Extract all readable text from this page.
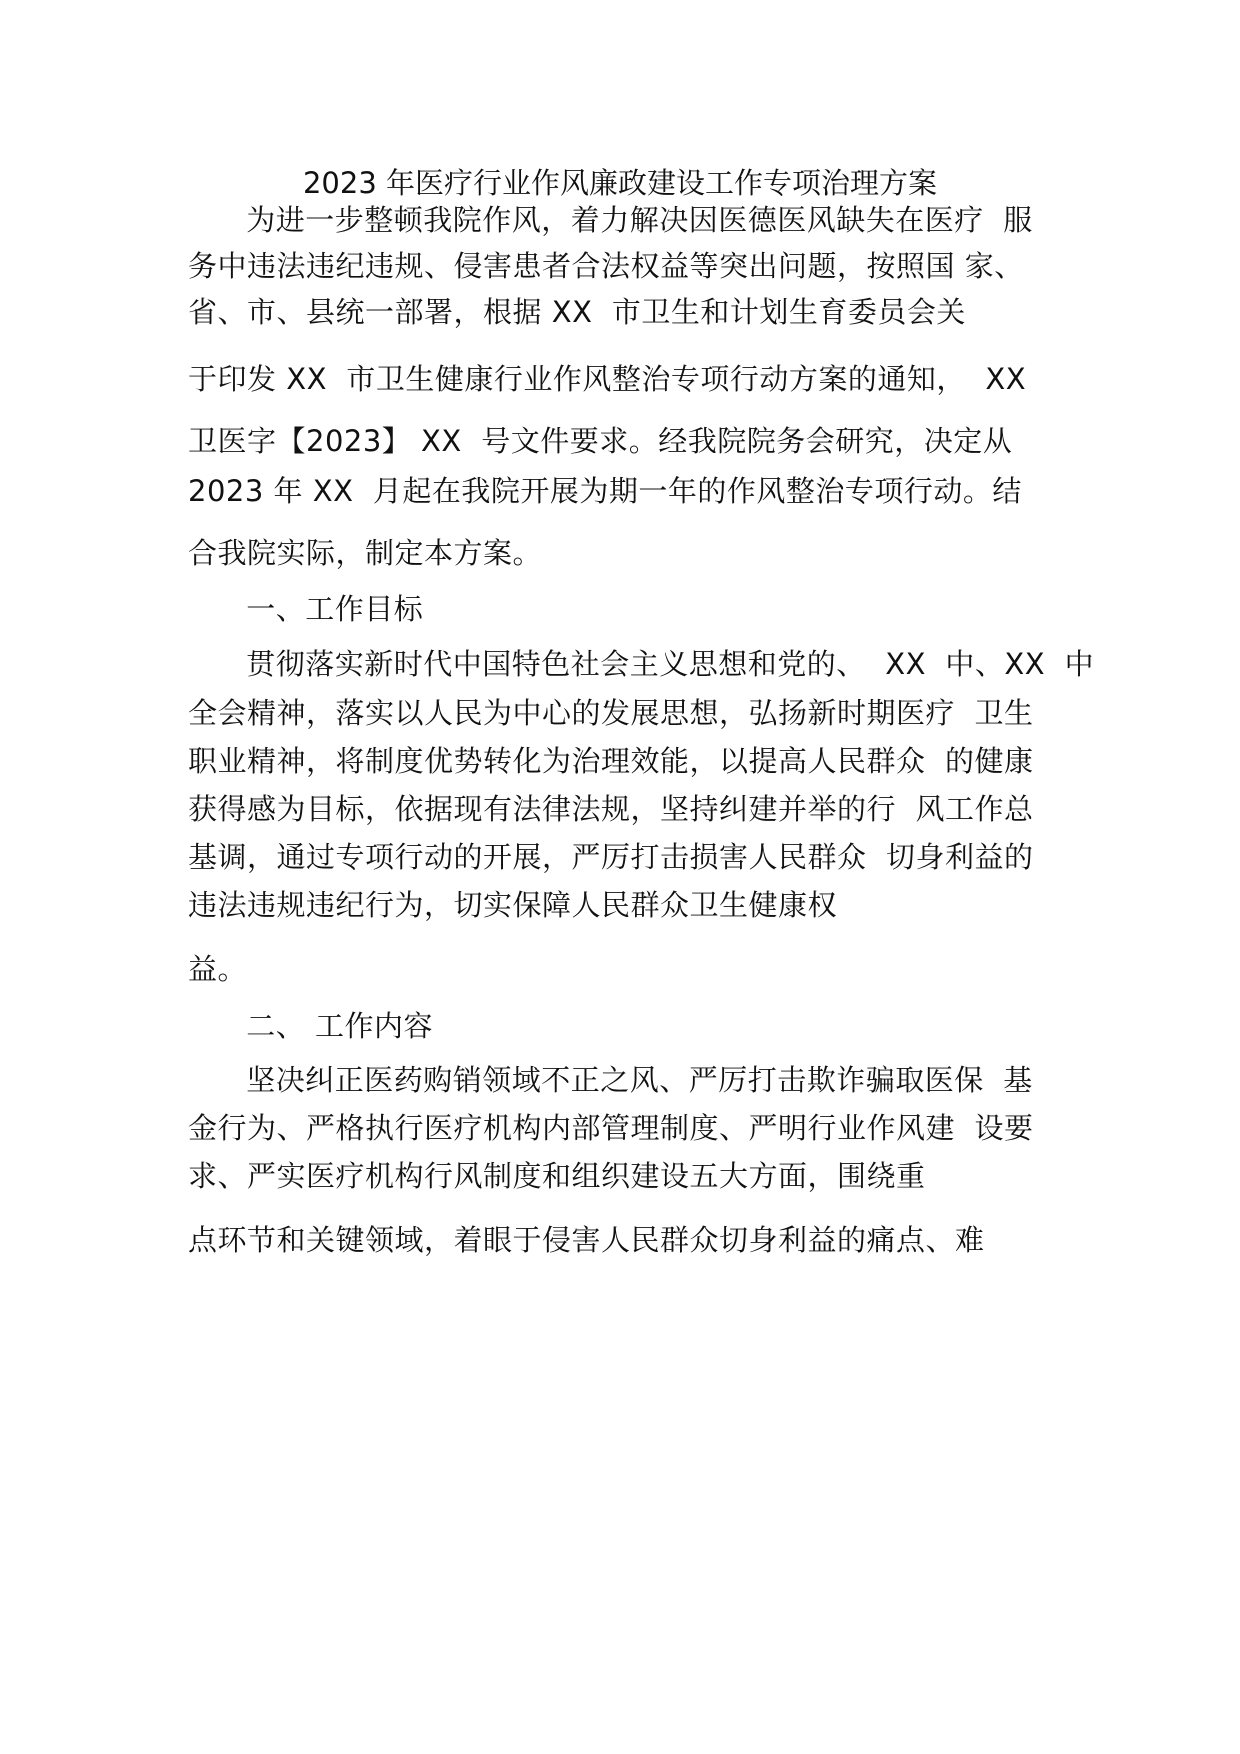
2023 年医疗行业作风廉政建设工作专项治理方案
为进一步整顿我院作风，着力解决因医德医风缺失在医疗  服
务中违法违纪违规、侵害患者合法权益等突出问题，按照国 家、
省、市、县统一部署，根据 XX  市卫生和计划生育委员会关
于印发 XX  市卫生健康行业作风整治专项行动方案的通知，  XX
卫医字【2023】 XX  号文件要求。经我院院务会研究，决定从
2023 年 XX  月起在我院开展为期一年的作风整治专项行动。结
合我院实际，制定本方案。
一、工作目标
贯彻落实新时代中国特色社会主义思想和党的、  XX  中、XX  中
全会精神，落实以人民为中心的发展思想，弘扬新时期医疗  卫生
职业精神，将制度优势转化为治理效能，以提高人民群众  的健康
获得感为目标，依据现有法律法规，坚持纠建并举的行  风工作总
基调，通过专项行动的开展，严厉打击损害人民群众  切身利益的
违法违规违纪行为，切实保障人民群众卫生健康权
益。
二、 工作内容
坚决纠正医药购销领域不正之风、严厉打击欺诈骗取医保  基
金行为、严格执行医疗机构内部管理制度、严明行业作风建  设要
求、严实医疗机构行风制度和组织建设五大方面，围绕重
点环节和关键领域，着眼于侵害人民群众切身利益的痛点、难
